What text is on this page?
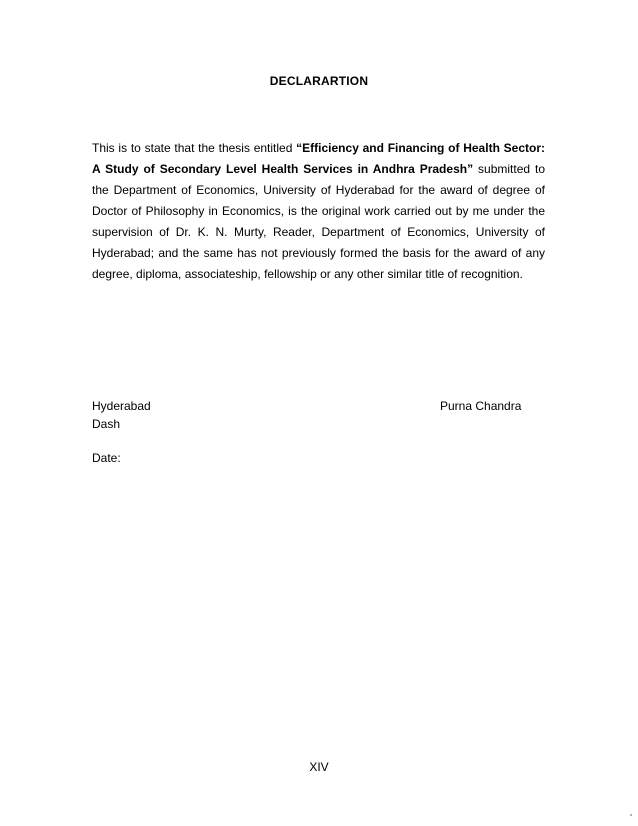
DECLARARTION
This is to state that the thesis entitled “Efficiency and Financing of Health Sector: A Study of Secondary Level Health Services in Andhra Pradesh” submitted to the Department of Economics, University of Hyderabad for the award of degree of Doctor of Philosophy in Economics, is the original work carried out by me under the supervision of Dr. K. N. Murty, Reader, Department of Economics, University of Hyderabad; and the same has not previously formed the basis for the award of any degree, diploma, associateship, fellowship or any other similar title of recognition.
Hyderabad	Purna Chandra
Dash
Date:
XIV
